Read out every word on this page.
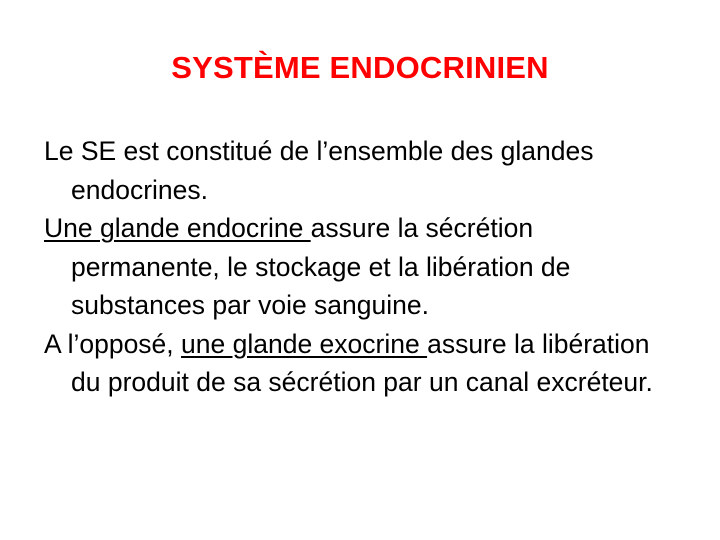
SYSTÈME ENDOCRINIEN

Le SE est constitué de l’ensemble des glandes endocrines.

Une glande endocrine assure la sécrétion permanente, le stockage et la libération de substances par voie sanguine.

A l’opposé, une glande exocrine assure la libération du produit de sa sécrétion par un canal excréteur.
